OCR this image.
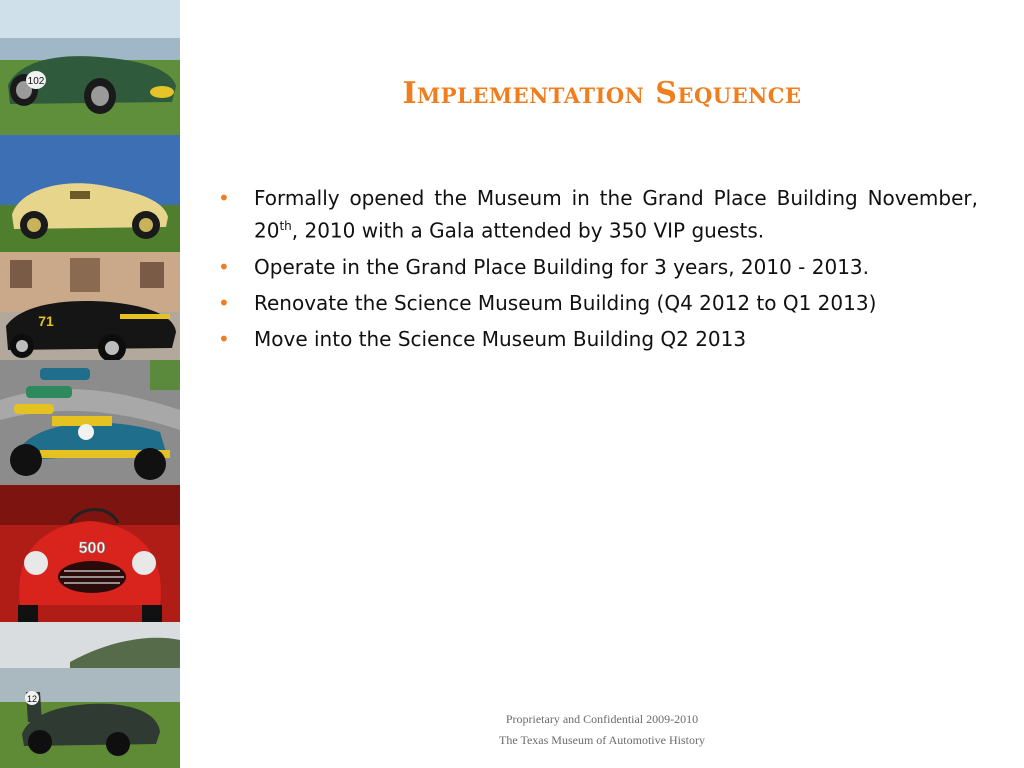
102
71
500
12
Implementation Sequence
• Formally opened the Museum in the Grand Place Building November, 20th, 2010 with a Gala attended by 350 VIP guests.
• Operate in the Grand Place Building for 3 years, 2010 - 2013.
• Renovate the Science Museum Building (Q4 2012 to Q1 2013)
• Move into the Science Museum Building Q2 2013
Proprietary and Confidential 2009-2010
The Texas Museum of Automotive History
